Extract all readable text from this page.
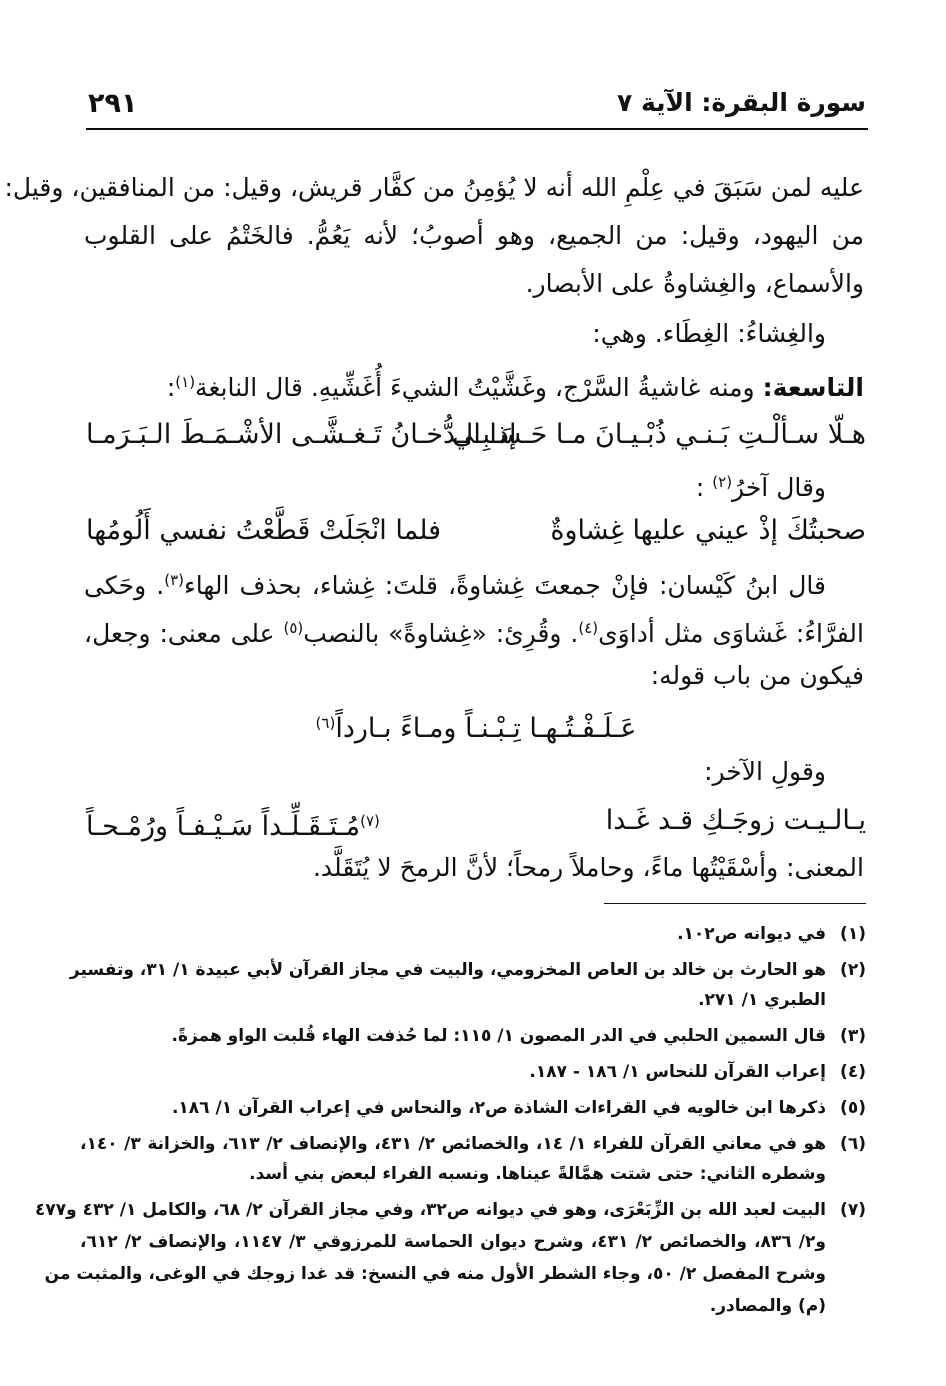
سورة البقرة: الآية ٧
٢٩١
عليه لمن سَبَقَ في عِلْمِ الله أنه لا يُؤمِنُ من كفَّار قريش، وقيل: من المنافقين، وقيل:
من اليهود، وقيل: من الجميع، وهو أصوبُ؛ لأنه يَعُمُّ. فالخَتْمُ على القلوب
والأسماع، والغِشاوةُ على الأبصار.
والغِشاءُ: الغِطَاء. وهي:
التاسعة: ومنه غاشيةُ السَّرْج، وغَشَّيْتُ الشيءَ أُغَشِّيهِ. قال النابغة$^{(١)}$:
هـلّا سـألْـتِ بَـنـي ذُبْـيـانَ مـا حَـسَـبِـي
إذا الـدُّخـانُ تَـغـشَّـى الأشْـمَـطَ الـبَـرَمـا
وقال آخرُ$^{(٢)}$ :
صحبتُكَ إذْ عيني عليها غِشاوةٌ
فلما انْجَلَتْ قَطَّعْتُ نفسي أَلُومُها
قال ابنُ كَيْسان: فإنْ جمعتَ غِشاوةً، قلتَ: غِشاء، بحذف الهاء$^{(٣)}$. وحَكى
الفرَّاءُ: غَشاوَى مثل أداوَى$^{(٤)}$. وقُرِئ: «غِشاوةً» بالنصب$^{(٥)}$ على معنى: وجعل،
فيكون من باب قوله:
عَـلَـفْـتُـهـا تِـبْـنـاً ومـاءً بـارداً$^{(٦)}$
وقولِ الآخر:
يـالـيـت زوجَـكِ قـد غَـدا
$^{(٧)}$مُـتَـقَـلِّـداً سَـيْـفـاً ورُمْـحـاً
المعنى: وأسْقَيْتُها ماءً، وحاملاً رمحاً؛ لأنَّ الرمحَ لا يُتَقَلَّد.
(١)
في ديوانه ص١٠٢.
(٢)
هو الحارث بن خالد بن العاص المخزومي، والبيت في مجاز القرآن لأبي عبيدة ١/ ٣١، وتفسير
الطبري ١/ ٢٧١.
(٣)
قال السمين الحلبي في الدر المصون ١/ ١١٥: لما حُذفت الهاء قُلبت الواو همزةً.
(٤)
إعراب القرآن للنحاس ١/ ١٨٦ - ١٨٧.
(٥)
ذكرها ابن خالويه في القراءات الشاذة ص٢، والنحاس في إعراب القرآن ١/ ١٨٦.
(٦)
هو في معاني القرآن للفراء ١/ ١٤، والخصائص ٢/ ٤٣١، والإنصاف ٢/ ٦١٣، والخزانة ٣/ ١٤٠،
وشطره الثاني: حتى شتت همَّالةً عيناها. ونسبه الفراء لبعض بني أسد.
(٧)
البيت لعبد الله بن الزِّبَعْرَى، وهو في ديوانه ص٣٢، وفي مجاز القرآن ٢/ ٦٨، والكامل ١/ ٤٣٢ و٤٧٧
و٢/ ٨٣٦، والخصائص ٢/ ٤٣١، وشرح ديوان الحماسة للمرزوقي ٣/ ١١٤٧، والإنصاف ٢/ ٦١٢،
وشرح المفصل ٢/ ٥٠، وجاء الشطر الأول منه في النسخ: قد غدا زوجك في الوغى، والمثبت من
(م) والمصادر.
